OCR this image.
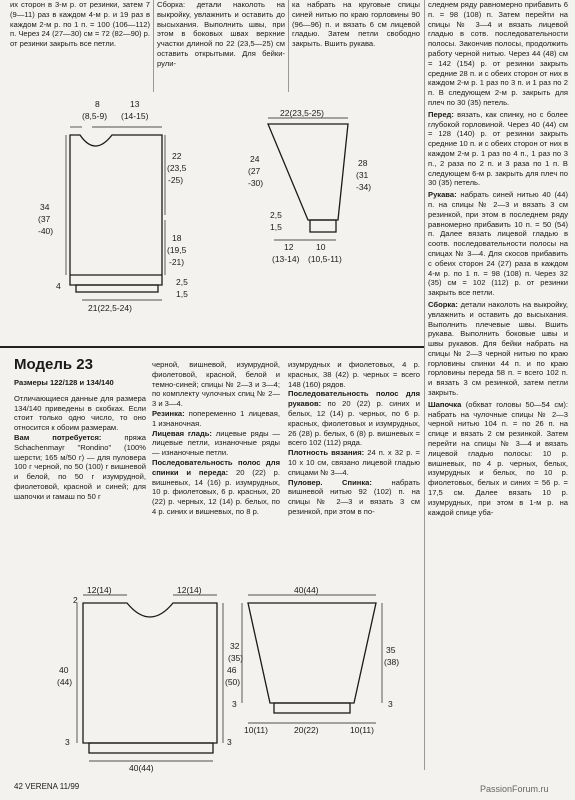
их сторон в 3-м р. от резинки, затем 7 (9—11) раз в каждом 4-м р. и 19 раз в каждом 2-м р. по 1 п. = 100 (106—112) п. Через 24 (27—30) см = 72 (82—90) р. от резинки закрыть все петли.

Сборка: детали наколоть на выкройку, увлажнить и оставить до высыхания. Выполнить швы, при этом в боковых швах верхние участки длиной по 22 (23,5—25) см оставить открытыми. Для бейки-рули-

ка набрать на круговые спицы синей нитью по краю горловины 90 (96—96) п. и вязать 6 см лицевой гладью. Затем петли свободно закрыть. Вшить рукава.

следнем ряду равномерно прибавить 6 п. = 98 (108) п. Затем перейти на спицы № 3—4 и вязать лицевой гладью в сотв. последовательности полосы. Закончив полосы, продолжить работу черной нитью. Через 44 (48) см = 142 (154) р. от резинки закрыть средние 28 п. и с обеих сторон от них в каждом 2-м р. 1 раз по 3 п. и 1 раз по 2 п. В следующем 2-м р. закрыть для плеч по 30 (35) петель.

Перед: вязать, как спинку, но с более глубокой горловиной. Через 40 (44) см = 128 (140) р. от резинки закрыть средние 10 п. и с обеих сторон от них в каждом 2-м р. 1 раз по 4 п., 1 раз по 3 п., 2 раза по 2 п. и 3 раза по 1 п. В следующем 6-м р. закрыть для плеч по 30 (35) петель.

Рукава: набрать синей нитью 40 (44) п. на спицы № 2—3 и вязать 3 см резинкой, при этом в последнем ряду равномерно прибавить 10 п. = 50 (54) п. Далее вязать лицевой гладью в соотв. последовательности полосы на спицах № 3—4. Для скосов прибавить с обеих сторон 24 (27) раза в каждом 4-м р. по 1 п. = 98 (108) п. Через 32 (35) см = 102 (112) р. от резинки закрыть все петли.

Сборка: детали наколоть на выкройку, увлажнить и оставить до высыхания. Выполнить плечевые швы. Вшить рукава. Выполнить боковые швы и швы рукавов. Для бейки набрать на спицы № 2—3 черной нитью по краю горловины спинки 44 п. и по краю горловины переда 58 п. = всего 102 п. и вязать 3 см резинкой, затем петли закрыть.

Шапочка (обхват головы 50—54 см): набрать на чулочные спицы № 2—3 черной нитью 104 п. = по 26 п. на спице и вязать 2 см резинкой. Затем перейти на спицы № 3—4 и вязать лицевой гладью полосы: 10 р. вишневых, по 4 р. черных, белых, изумрудных и белых, по 10 р. фиолетовых, белых и синих = 56 р. = 17,5 см. Далее вязать 10 р. изумрудных, при этом в 1-м р. на каждой спице уба-

8
(8,5-9)
13
(14-15)
22
(23,5
-25)
34
(37
-40)
18
(19,5
-21)
4	2,5
1,5
21(22,5-24)
22(23,5-25)
24
(27
-30)
28
(31
-34)
2,5
1,5
12
(13-14)
10
(10,5-11)
Модель 23

Размеры 122/128 и 134/140

Отличающиеся данные для размера 134/140 приведены в скобках. Если стоит только одно число, то оно относится к обоим размерам.

Вам потребуется: пряжа Schachenmayr "Rondino" (100% шерсти; 165 м/50 г) — для пуловера 100 г черной, по 50 (100) г вишневой и белой, по 50 г изумрудной, фиолетовой, красной и синей; для шапочки и гамаш по 50 г

черной, вишневой, изумрудной, фиолетовой, красной, белой и темно-синей; спицы № 2—3 и 3—4; по комплекту чулочных спиц № 2—3 и 3—4.

Резинка: попеременно 1 лицевая, 1 изнаночная.

Лицевая гладь: лицевые ряды — лицевые петли, изнаночные ряды — изнаночные петли.

Последовательность полос для спинки и переда: 20 (22) р. вишневых, 14 (16) р. изумрудных, 10 р. фиолетовых, 6 р. красных, 20 (22) р. черных, 12 (14) р. белых, по 4 р. синих и вишневых, по 8 р.

изумрудных и фиолетовых, 4 р. красных, 38 (42) р. черных = всего 148 (160) рядов.

Последовательность полос для рукавов: по 20 (22) р. синих и белых, 12 (14) р. черных, по 6 р. красных, фиолетовых и изумрудных, 26 (28) р. белых, 6 (8) р. вишневых = всего 102 (112) ряда.

Плотность вязания: 24 п. х 32 р. = 10 х 10 см, связано лицевой гладью спицами № 3—4.

Пуловер. Спинка: набрать вишневой нитью 92 (102) п. на спицы № 2—3 и вязать 3 см резинкой, при этом в по-

12(14)	12(14)
2
40
(44)
46
(50)
3	3
40(44)
40(44)
32
(35)
35
(38)
3	3
10(11)	20(22)	10(11)
42 VERENA 11/99	PassionForum.ru
